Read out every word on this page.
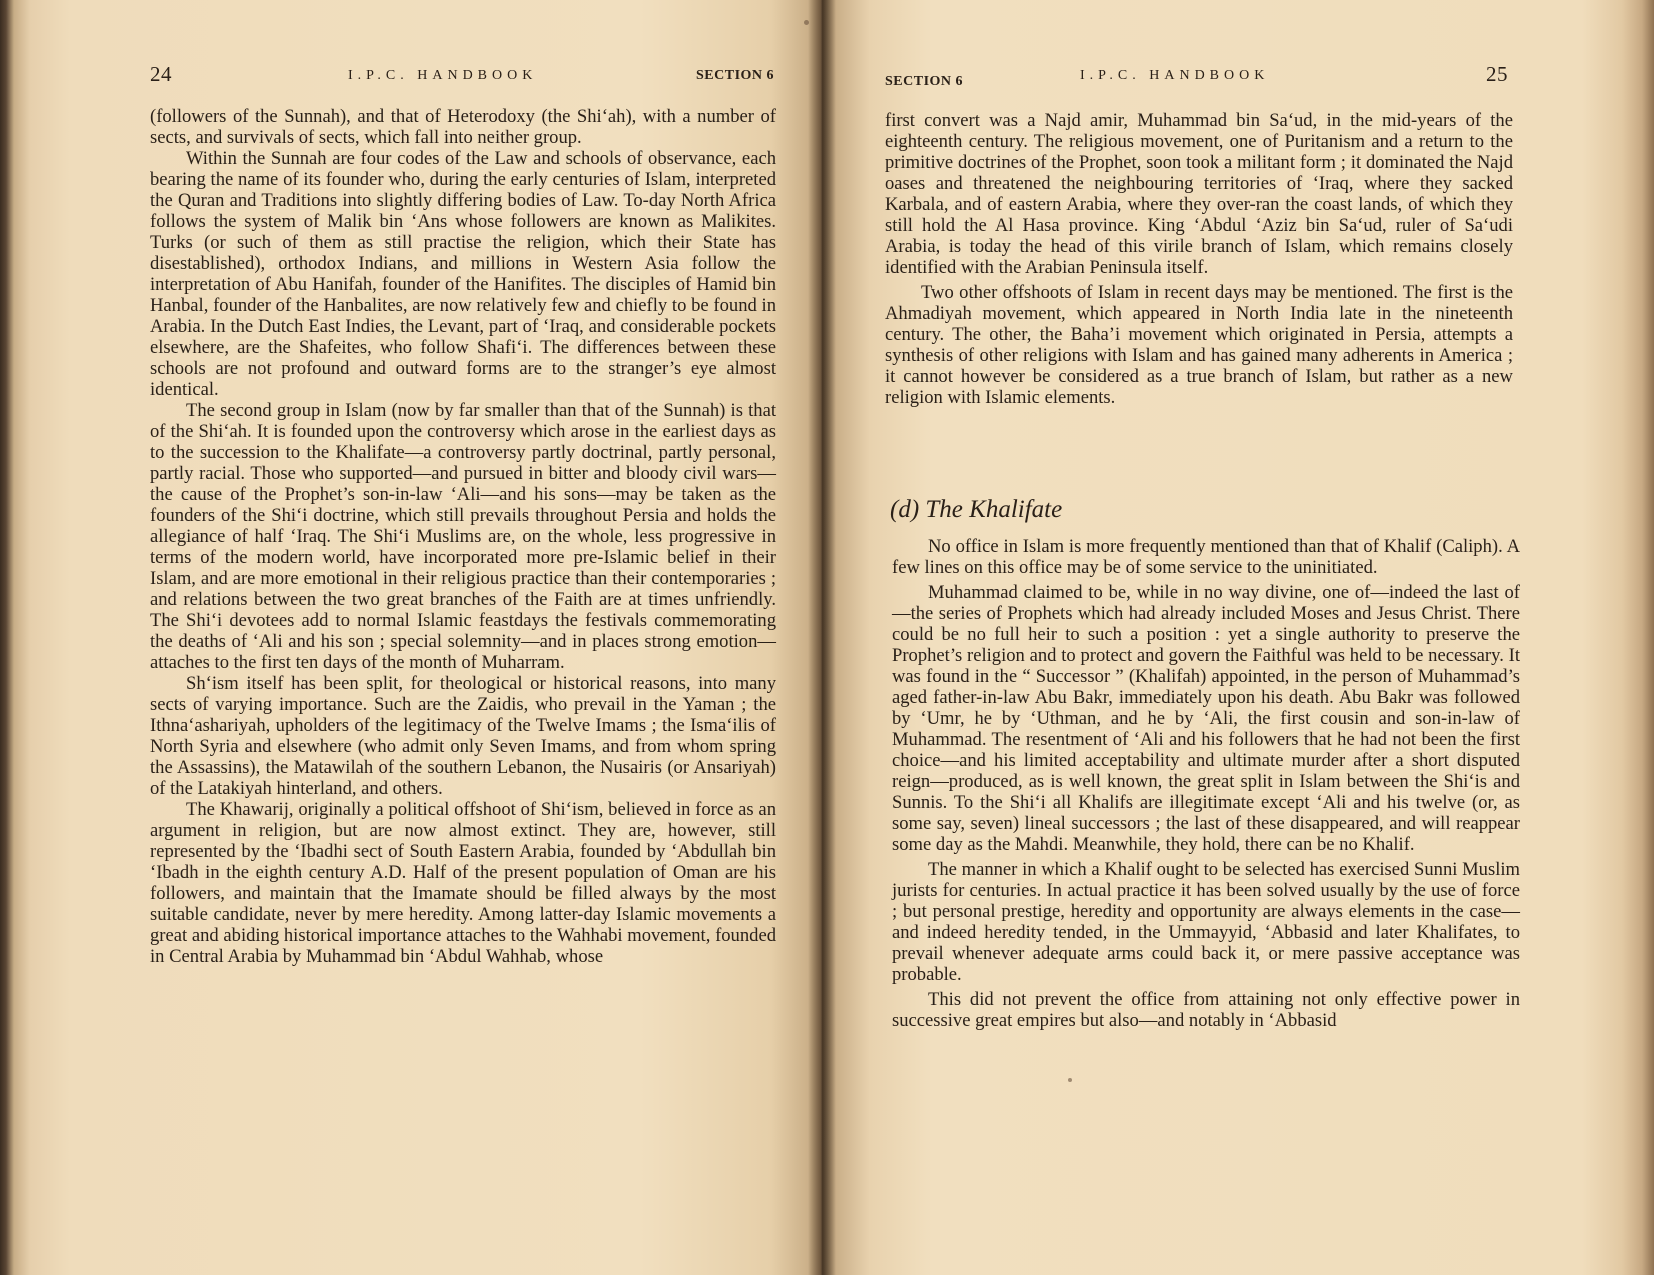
24	I.P.C. HANDBOOK	SECTION 6

(followers of the Sunnah), and that of Heterodoxy (the Shi‘ah), with a number of sects, and survivals of sects, which fall into neither group.

Within the Sunnah are four codes of the Law and schools of observance, each bearing the name of its founder who, during the early centuries of Islam, interpreted the Quran and Traditions into slightly differing bodies of Law. To-day North Africa follows the system of Malik bin ‘Ans whose followers are known as Malikites. Turks (or such of them as still practise the religion, which their State has disestablished), orthodox Indians, and millions in Western Asia follow the interpretation of Abu Hanifah, founder of the Hanifites. The disciples of Hamid bin Hanbal, founder of the Hanbalites, are now relatively few and chiefly to be found in Arabia. In the Dutch East Indies, the Levant, part of ‘Iraq, and considerable pockets elsewhere, are the Shafeites, who follow Shafi‘i. The differences between these schools are not profound and outward forms are to the stranger’s eye almost identical.

The second group in Islam (now by far smaller than that of the Sunnah) is that of the Shi‘ah. It is founded upon the controversy which arose in the earliest days as to the succession to the Khalifate—a controversy partly doctrinal, partly personal, partly racial. Those who supported—and pursued in bitter and bloody civil wars—the cause of the Prophet’s son-in-law ‘Ali—and his sons—may be taken as the founders of the Shi‘i doctrine, which still prevails throughout Persia and holds the allegiance of half ‘Iraq. The Shi‘i Muslims are, on the whole, less progressive in terms of the modern world, have incorporated more pre-Islamic belief in their Islam, and are more emotional in their religious practice than their contemporaries ; and relations between the two great branches of the Faith are at times unfriendly. The Shi‘i devotees add to normal Islamic feastdays the festivals commemorating the deaths of ‘Ali and his son ; special solemnity—and in places strong emotion—attaches to the first ten days of the month of Muharram.

Sh‘ism itself has been split, for theological or historical reasons, into many sects of varying importance. Such are the Zaidis, who prevail in the Yaman ; the Ithna‘ashariyah, upholders of the legitimacy of the Twelve Imams ; the Isma‘ilis of North Syria and elsewhere (who admit only Seven Imams, and from whom spring the Assassins), the Matawilah of the southern Lebanon, the Nusairis (or Ansariyah) of the Latakiyah hinterland, and others.

The Khawarij, originally a political offshoot of Shi‘ism, believed in force as an argument in religion, but are now almost extinct. They are, however, still represented by the ‘Ibadhi sect of South Eastern Arabia, founded by ‘Abdullah bin ‘Ibadh in the eighth century A.D. Half of the present population of Oman are his followers, and maintain that the Imamate should be filled always by the most suitable candidate, never by mere heredity. Among latter-day Islamic movements a great and abiding historical importance attaches to the Wahhabi movement, founded in Central Arabia by Muhammad bin ‘Abdul Wahhab, whose

SECTION 6	I.P.C. HANDBOOK	25

first convert was a Najd amir, Muhammad bin Sa‘ud, in the mid-years of the eighteenth century. The religious movement, one of Puritanism and a return to the primitive doctrines of the Prophet, soon took a militant form ; it dominated the Najd oases and threatened the neighbouring territories of ‘Iraq, where they sacked Karbala, and of eastern Arabia, where they over-ran the coast lands, of which they still hold the Al Hasa province. King ‘Abdul ‘Aziz bin Sa‘ud, ruler of Sa‘udi Arabia, is today the head of this virile branch of Islam, which remains closely identified with the Arabian Peninsula itself.

Two other offshoots of Islam in recent days may be mentioned. The first is the Ahmadiyah movement, which appeared in North India late in the nineteenth century. The other, the Baha’i movement which originated in Persia, attempts a synthesis of other religions with Islam and has gained many adherents in America ; it cannot however be considered as a true branch of Islam, but rather as a new religion with Islamic elements.

(d) The Khalifate

No office in Islam is more frequently mentioned than that of Khalif (Caliph). A few lines on this office may be of some service to the uninitiated.

Muhammad claimed to be, while in no way divine, one of—indeed the last of—the series of Prophets which had already included Moses and Jesus Christ. There could be no full heir to such a position : yet a single authority to preserve the Prophet’s religion and to protect and govern the Faithful was held to be necessary. It was found in the “ Successor ” (Khalifah) appointed, in the person of Muhammad’s aged father-in-law Abu Bakr, immediately upon his death. Abu Bakr was followed by ‘Umr, he by ‘Uthman, and he by ‘Ali, the first cousin and son-in-law of Muhammad. The resentment of ‘Ali and his followers that he had not been the first choice—and his limited acceptability and ultimate murder after a short disputed reign—produced, as is well known, the great split in Islam between the Shi‘is and Sunnis. To the Shi‘i all Khalifs are illegitimate except ‘Ali and his twelve (or, as some say, seven) lineal successors ; the last of these disappeared, and will reappear some day as the Mahdi. Meanwhile, they hold, there can be no Khalif.

The manner in which a Khalif ought to be selected has exercised Sunni Muslim jurists for centuries. In actual practice it has been solved usually by the use of force ; but personal prestige, heredity and opportunity are always elements in the case—and indeed heredity tended, in the Ummayyid, ‘Abbasid and later Khalifates, to prevail whenever adequate arms could back it, or mere passive acceptance was probable.

This did not prevent the office from attaining not only effective power in successive great empires but also—and notably in ‘Abbasid
